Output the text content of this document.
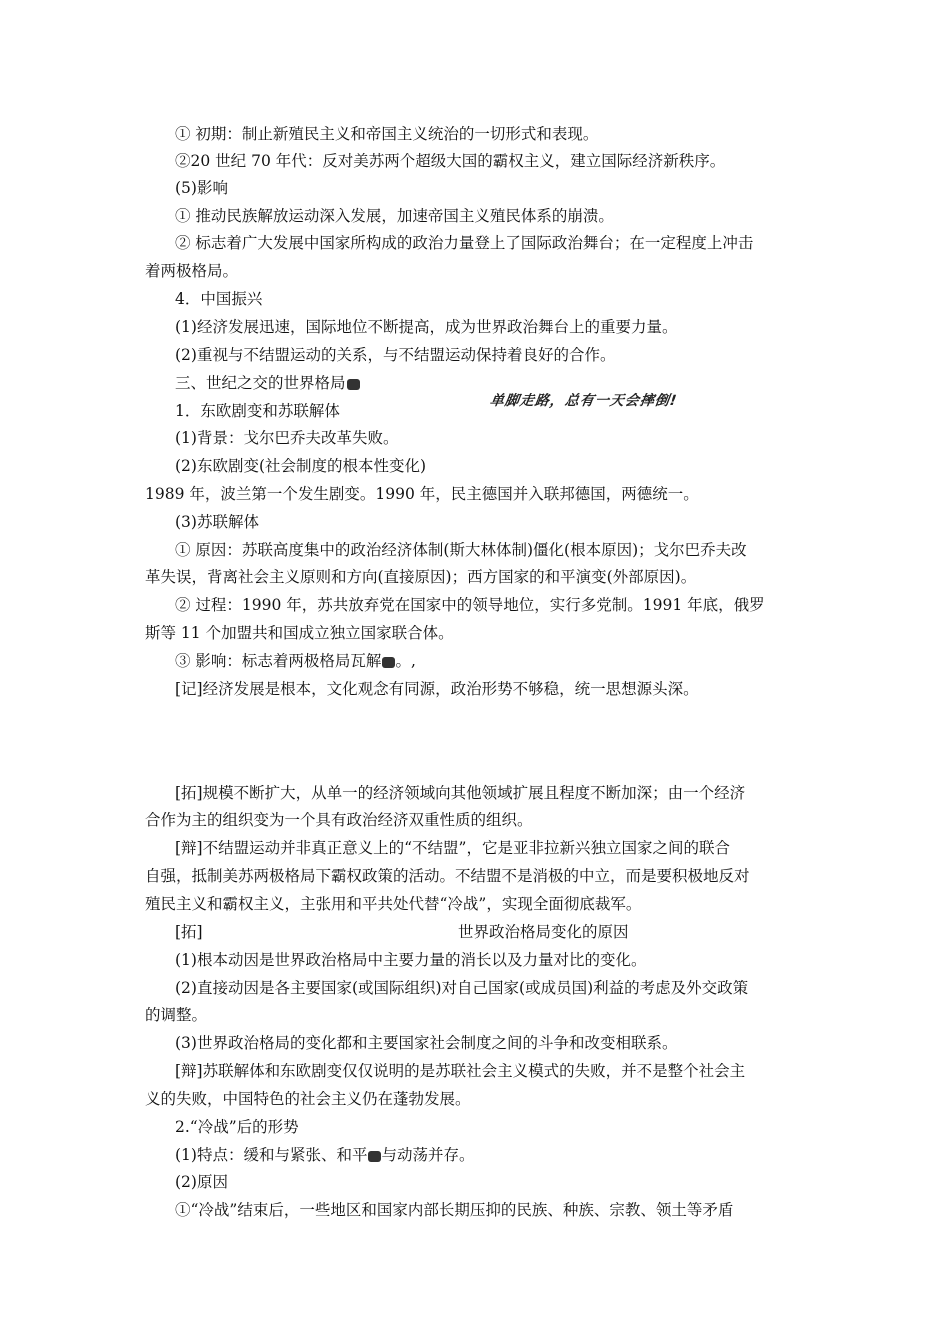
① 初期：制止新殖民主义和帝国主义统治的一切形式和表现。
②20 世纪 70 年代：反对美苏两个超级大国的霸权主义，建立国际经济新秩序。
(5)影响
① 推动民族解放运动深入发展，加速帝国主义殖民体系的崩溃。
② 标志着广大发展中国家所构成的政治力量登上了国际政治舞台；在一定程度上冲击
着两极格局。
4．中国振兴
(1)经济发展迅速，国际地位不断提高，成为世界政治舞台上的重要力量。
(2)重视与不结盟运动的关系，与不结盟运动保持着良好的合作。
三、世纪之交的世界格局
单脚走路，总有一天会摔倒!
1．东欧剧变和苏联解体
(1)背景：戈尔巴乔夫改革失败。
(2)东欧剧变(社会制度的根本性变化)
1989 年，波兰第一个发生剧变。1990 年，民主德国并入联邦德国，两德统一。
(3)苏联解体
① 原因：苏联高度集中的政治经济体制(斯大林体制)僵化(根本原因)；戈尔巴乔夫改
革失误，背离社会主义原则和方向(直接原因)；西方国家的和平演变(外部原因)。
② 过程：1990 年，苏共放弃党在国家中的领导地位，实行多党制。1991 年底，俄罗
斯等 11 个加盟共和国成立独立国家联合体。
③ 影响：标志着两极格局瓦解 。,
[记]经济发展是根本，文化观念有同源，政治形势不够稳，统一思想源头深。
[拓]规模不断扩大，从单一的经济领域向其他领域扩展且程度不断加深；由一个经济
合作为主的组织变为一个具有政治经济双重性质的组织。
[辩]不结盟运动并非真正意义上的“不结盟”，它是亚非拉新兴独立国家之间的联合
自强，抵制美苏两极格局下霸权政策的活动。不结盟不是消极的中立，而是要积极地反对
殖民主义和霸权主义，主张用和平共处代替“冷战”，实现全面彻底裁军。
[拓]	世界政治格局变化的原因
(1)根本动因是世界政治格局中主要力量的消长以及力量对比的变化。
(2)直接动因是各主要国家(或国际组织)对自己国家(或成员国)利益的考虑及外交政策
的调整。
(3)世界政治格局的变化都和主要国家社会制度之间的斗争和改变相联系。
[辩]苏联解体和东欧剧变仅仅说明的是苏联社会主义模式的失败，并不是整个社会主
义的失败，中国特色的社会主义仍在蓬勃发展。
2.“冷战”后的形势
(1)特点：缓和与紧张、和平 与动荡并存。
(2)原因
①“冷战”结束后，一些地区和国家内部长期压抑的民族、种族、宗教、领土等矛盾
